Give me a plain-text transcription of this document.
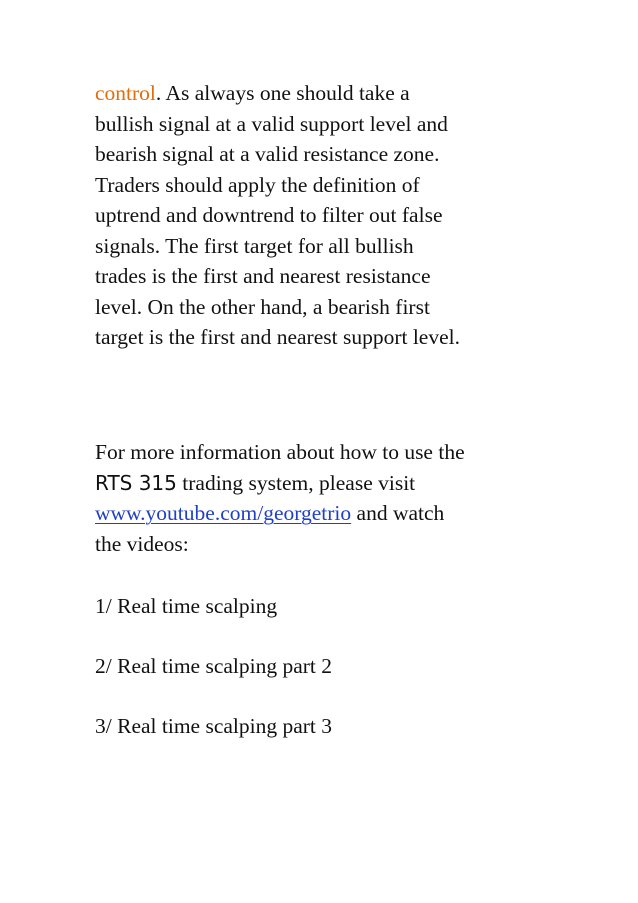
control. As always one should take a
bullish signal at a valid support level and
bearish signal at a valid resistance zone.
Traders should apply the definition of
uptrend and downtrend to filter out false
signals. The first target for all bullish
trades is the first and nearest resistance
level. On the other hand, a bearish first
target is the first and nearest support level.
For more information about how to use the
RTS 315 trading system, please visit
www.youtube.com/georgetrio and watch
the videos:
1/ Real time scalping
2/ Real time scalping part 2
3/ Real time scalping part 3
